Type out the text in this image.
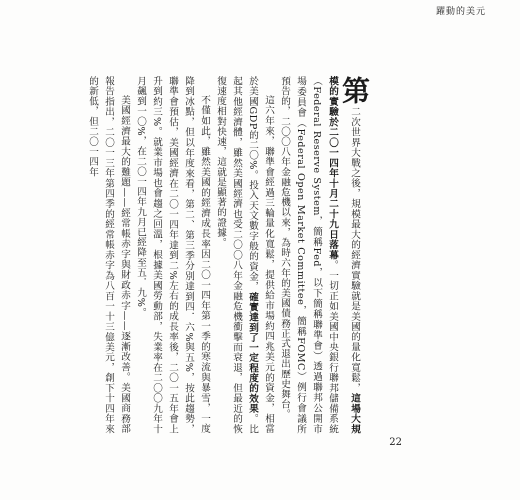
躍動的美元

第二次世界大戰之後，規模最大的經濟實驗就是美國的量化寬鬆，這場大規模的實驗於二〇一四年十月二十九日落幕。一切正如美國中央銀行聯邦儲備系統（Federal Reserve System，簡稱Fed，以下簡稱聯準會）透過聯邦公開市場委員會（Federal Open Market Committee，簡稱FOMC）例行會議所預告的，二〇〇八年金融危機以來，為時六年的美國債務正式退出歷史舞台。

這六年來，聯準會經過三輪量化寬鬆，提供給市場約四兆美元的資金，相當於美國GDP的二〇%。投入天文數字般的資金，確實達到了一定程度的效果。比起其他經濟體，雖然美國經濟也受二〇〇八年金融危機衝擊而衰退，但最近的恢復速度相對快速，這就是顯著的證據。

不僅如此，雖然美國的經濟成長率因二〇一四年第一季的寒流與暴雪，一度降到冰點，但以年度來看，第二、第三季分別達到四．六%與五%，按此趨勢，聯準會預估，美國經濟在二〇一四年達到二%左右的成長率後，二〇一五年會上升到約三%。就業市場也會趨之回溫，根據美國勞動部，失業率在二〇〇九年十月飆到一〇%，在二〇一四年九月已經降至五．九%。

美國經濟最大的難題——經常帳赤字與財政赤字——逐漸改善。美國商務部報告指出，二〇一三年第四季的經常帳赤字為八百一十三億美元，創下十四年來的新低，但二〇一四年

22
